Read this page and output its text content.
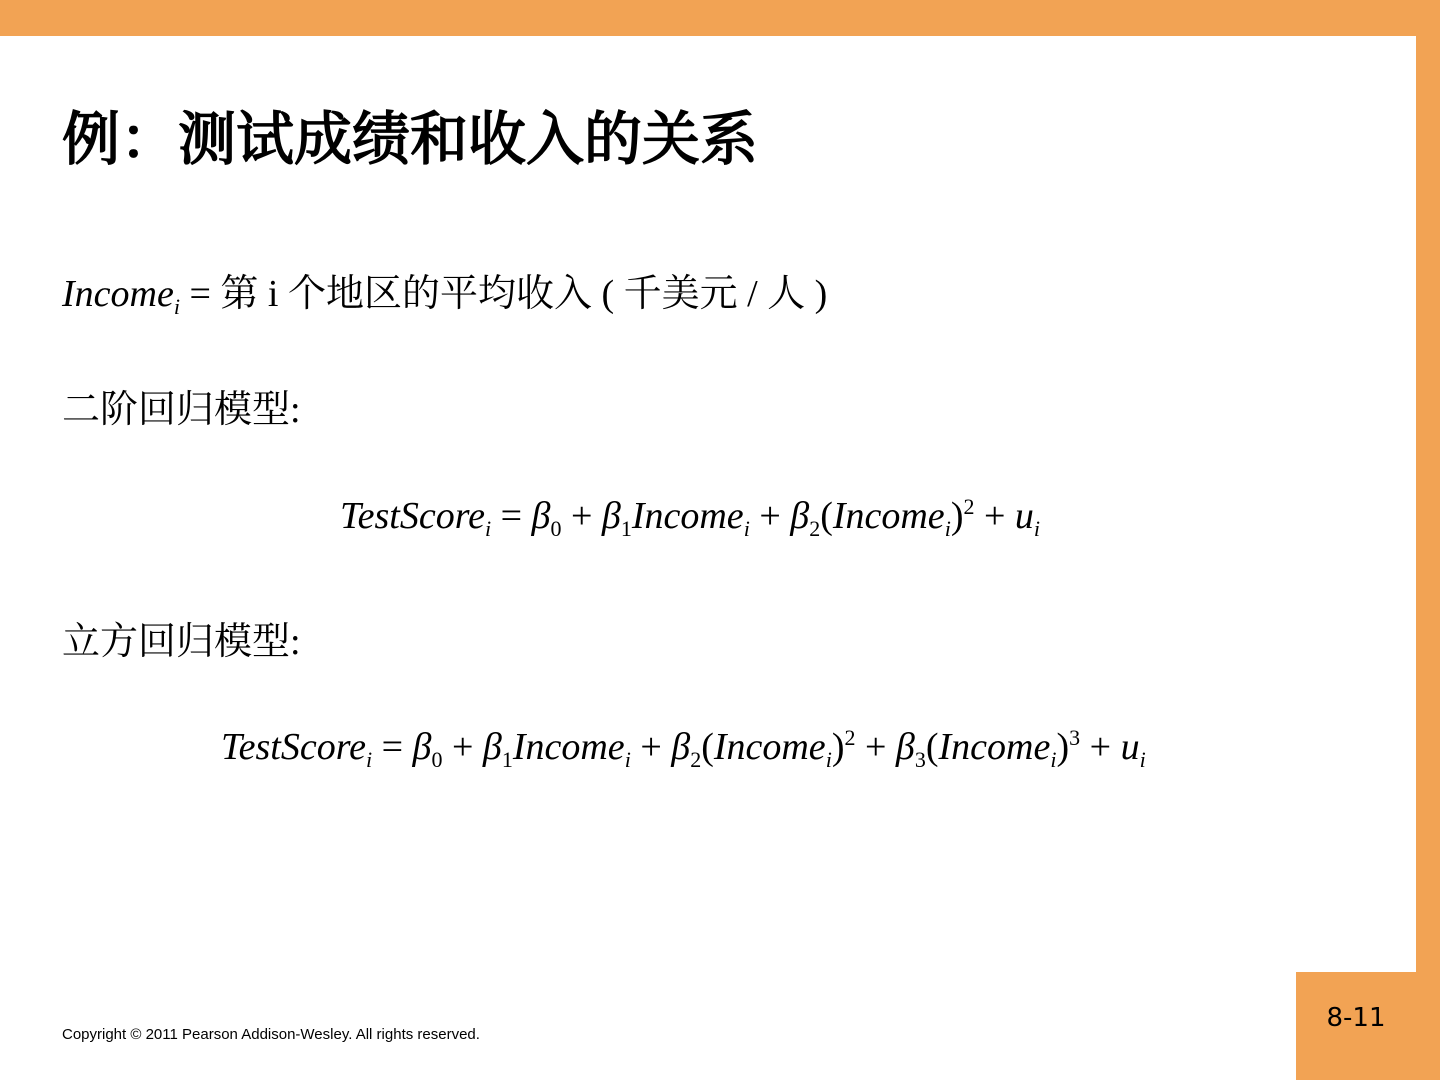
8-11
例：测试成绩和收入的关系
Income$_i$ = 第 i 个地区的平均收入 ( 千美元 / 人 )
二阶回归模型:
TestScore$_i$ = $\beta_0$ + $\beta_1Income_i$ + $\beta_2(Income_i)^2 + u_i$
立方回归模型:
TestScore$_i$ = $\beta_0$ + $\beta_1Income_i$ + $\beta_2(Income_i)^2$ + $\beta_3(Income_i)^3 + u_i$
Copyright © 2011 Pearson Addison-Wesley. All rights reserved.
